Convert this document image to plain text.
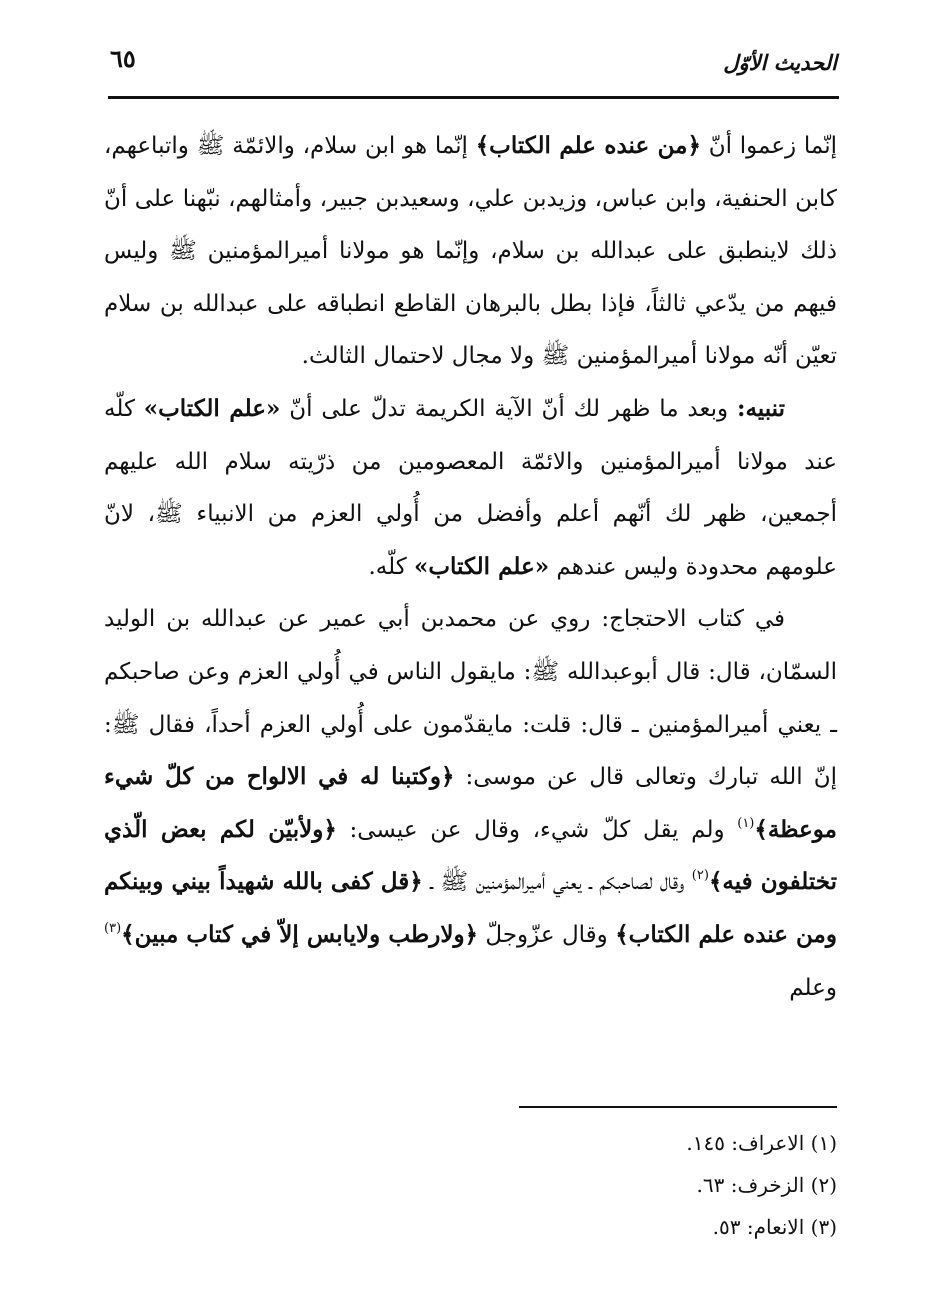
الحديث الأوّل
٦٥

إنّما زعموا أنّ ﴿من عنده علم الكتاب﴾ إنّما هو ابن سلام، والائمّة ﷺ واتباعهم، كابن الحنفية، وابن عباس، وزيدبن علي، وسعيدبن جبير، وأمثالهم، نبّهنا على أنّ ذلك لاينطبق على عبدالله بن سلام، وإنّما هو مولانا أميرالمؤمنين ﷺ وليس فيهم من يدّعي ثالثاً، فإذا بطل بالبرهان القاطع انطباقه على عبدالله بن سلام تعيّن أنّه مولانا أميرالمؤمنين ﷺ ولا مجال لاحتمال الثالث.

تنبيه: وبعد ما ظهر لك أنّ الآية الكريمة تدلّ على أنّ «علم الكتاب» كلّه عند مولانا أميرالمؤمنين والائمّة المعصومين من ذرّيته سلام الله عليهم أجمعين، ظهر لك أنّهم أعلم وأفضل من أُولي العزم من الانبياء ﷺ، لانّ علومهم محدودة وليس عندهم «علم الكتاب» كلّه.

في كتاب الاحتجاج: روي عن محمدبن أبي عمير عن عبدالله بن الوليد السمّان، قال: قال أبوعبدالله ﷺ: مايقول الناس في أُولي العزم وعن صاحبكم ـ يعني أميرالمؤمنين ـ قال: قلت: مايقدّمون على أُولي العزم أحداً، فقال ﷺ: إنّ الله تبارك وتعالى قال عن موسى: ﴿وكتبنا له في الالواح من كلّ شيء موعظة﴾$^{(١)}$ ولم يقل كلّ شيء، وقال عن عيسى: ﴿ولأبيّن لكم بعض الّذي تختلفون فيه﴾$^{(٢)}$ وقال لصاحبكم ـ يعني أميرالمؤمنين ﷺ ـ ﴿قل كفى بالله شهيداً بيني وبينكم ومن عنده علم الكتاب﴾ وقال عزّوجلّ ﴿ولارطب ولايابس إلاّ في كتاب مبين﴾$^{(٣)}$ وعلم

(١) الاعراف: ١٤٥.
(٢) الزخرف: ٦٣.
(٣) الانعام: ٥٣.
